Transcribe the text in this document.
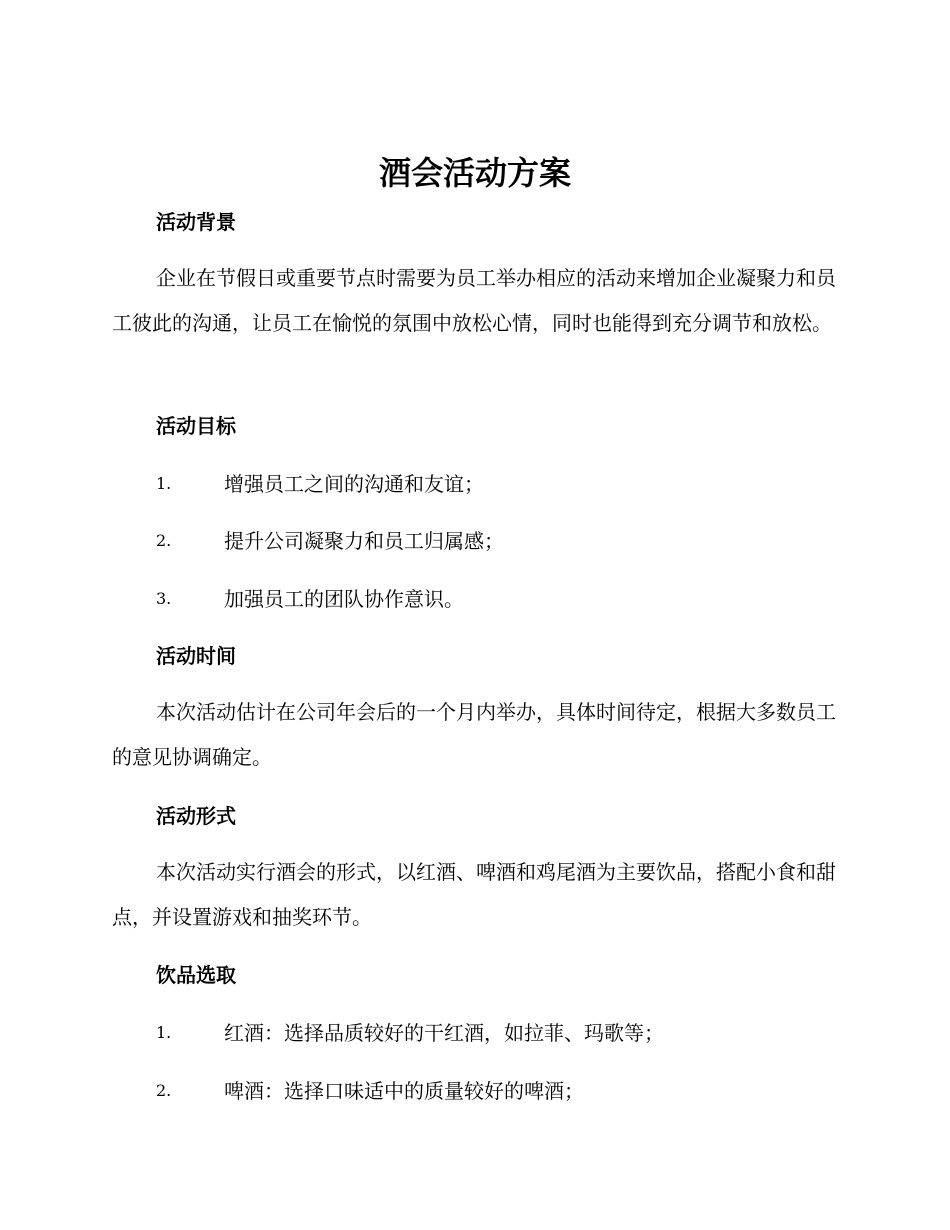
酒会活动方案
活动背景
企业在节假日或重要节点时需要为员工举办相应的活动来增加企业凝聚力和员工彼此的沟通，让员工在愉悦的氛围中放松心情，同时也能得到充分调节和放松。
活动目标
1.	增强员工之间的沟通和友谊；
2.	提升公司凝聚力和员工归属感；
3.	加强员工的团队协作意识。
活动时间
本次活动估计在公司年会后的一个月内举办，具体时间待定，根据大多数员工的意见协调确定。
活动形式
本次活动实行酒会的形式，以红酒、啤酒和鸡尾酒为主要饮品，搭配小食和甜点，并设置游戏和抽奖环节。
饮品选取
1.	红酒：选择品质较好的干红酒，如拉菲、玛歌等；
2.	啤酒：选择口味适中的质量较好的啤酒；
